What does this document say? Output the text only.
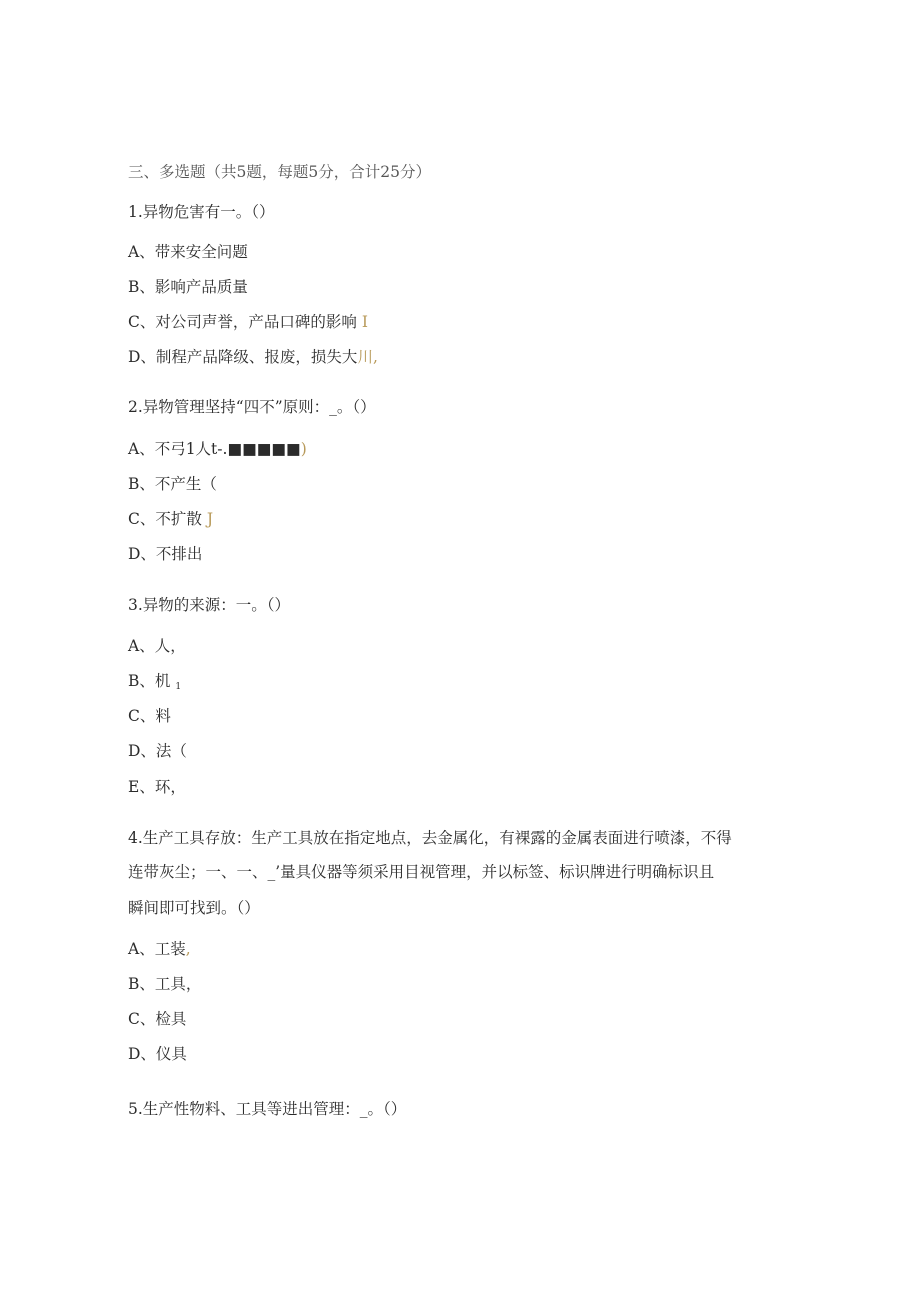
三、多选题（共5题，每题5分，合计25分）
1.异物危害有一。（）
A、带来安全问题
B、影响产品质量
C、对公司声誉，产品口碑的影响 I
D、制程产品降级、报废，损失大川,
2.异物管理坚持“四不”原则：_。（）
A、不弓1人t-.■■■■■)
B、不产生（
C、不扩散 J
D、不排出
3.异物的来源：一。（）
A、人，
B、机 $_1$
C、料
D、法（
E、环，
4.生产工具存放：生产工具放在指定地点，去金属化，有裸露的金属表面进行喷漆，不得
连带灰尘；一、一、_’量具仪器等须采用目视管理，并以标签、标识牌进行明确标识且
瞬间即可找到。（）
A、工装,
B、工具，
C、检具
D、仪具
5.生产性物料、工具等进出管理：_。（）
